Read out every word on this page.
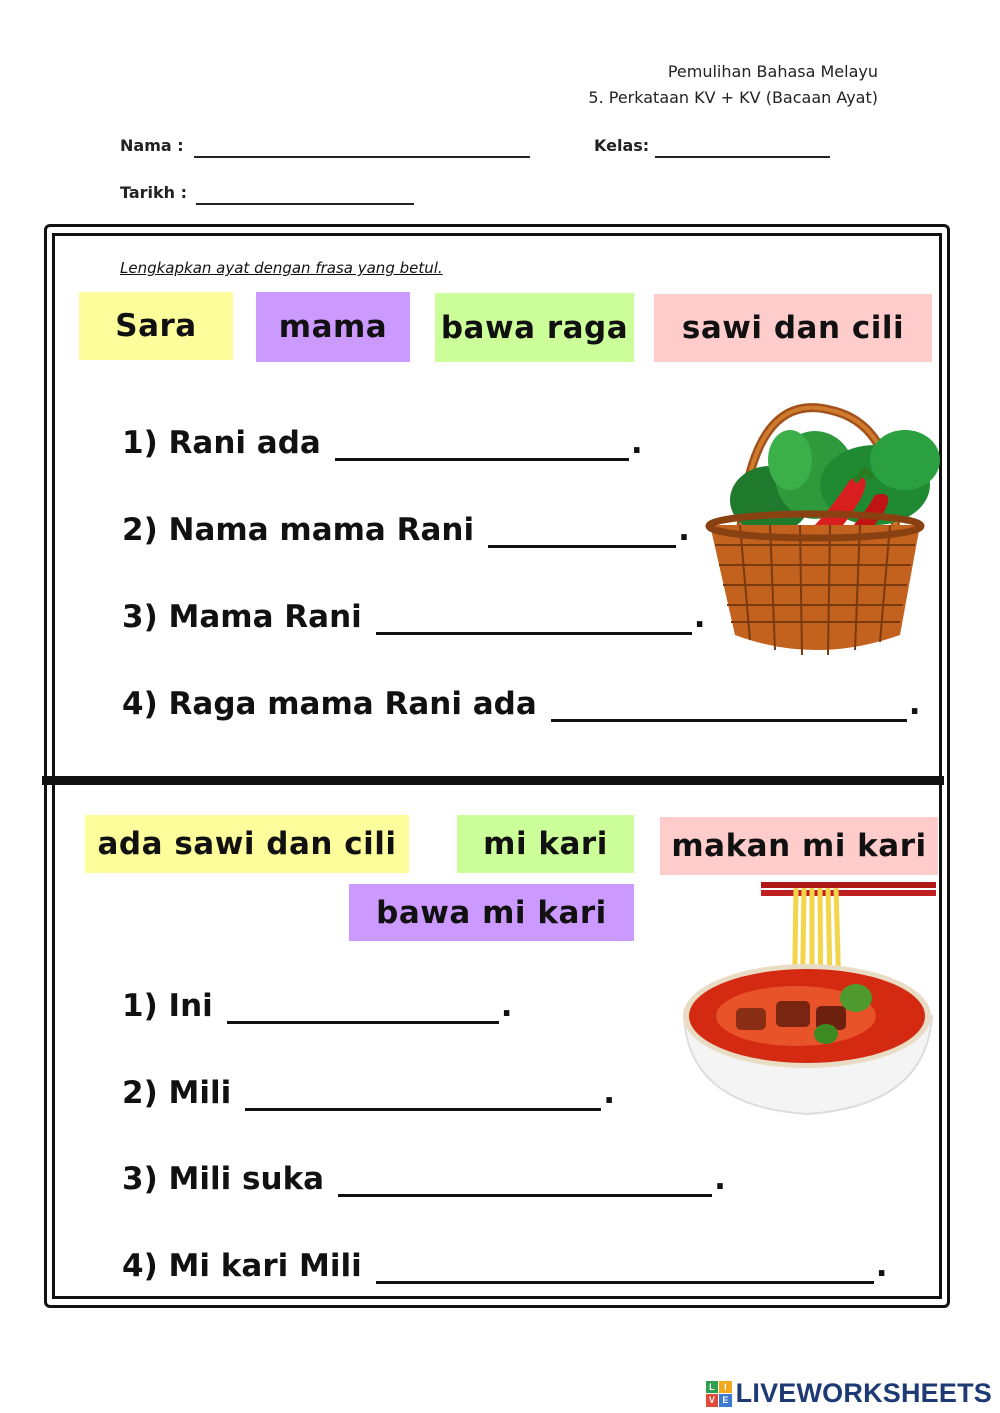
Pemulihan Bahasa Melayu
5. Perkataan KV + KV (Bacaan Ayat)
Nama :	Kelas:
Tarikh :
Lengkapkan ayat dengan frasa yang betul.
Sara	mama	bawa raga	sawi dan cili
1) Rani ada	.
2) Nama mama Rani	.
3) Mama Rani	.
4) Raga mama Rani ada	.
ada sawi dan cili	mi kari	makan mi kari
bawa mi kari
1) Ini	.
2) Mili	.
3) Mili suka	.
4) Mi kari Mili	.
L	I
V E LIVEWORKSHEETS
